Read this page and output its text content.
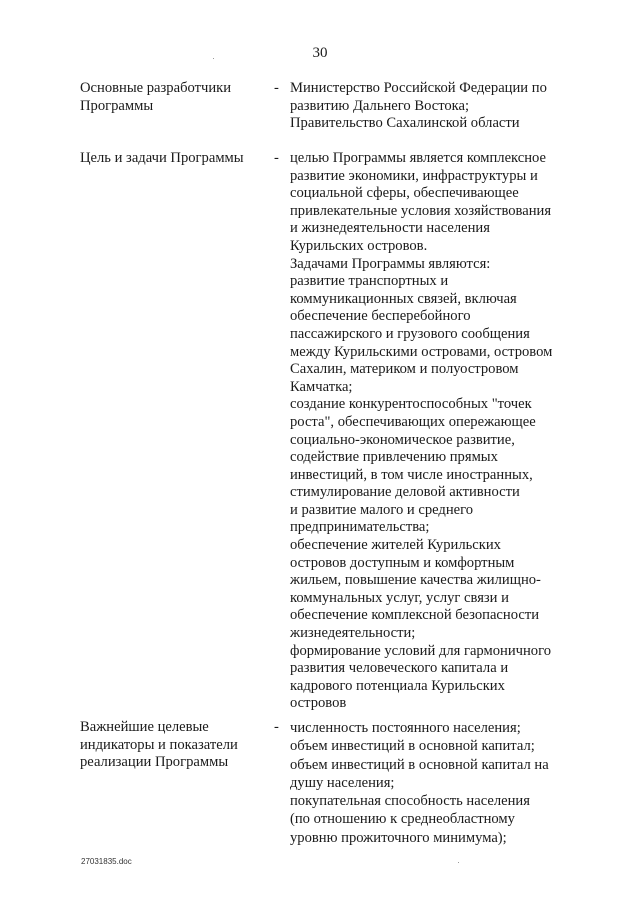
30
Основные разработчики
Программы
- Министерство Российской Федерации по
развитию Дальнего Востока;
Правительство Сахалинской области
Цель и задачи Программы	- целью Программы является комплексное
развитие экономики, инфраструктуры и
социальной сферы, обеспечивающее
привлекательные условия хозяйствования
и жизнедеятельности населения
Курильских островов.
Задачами Программы являются:
развитие транспортных и
коммуникационных связей, включая
обеспечение бесперебойного
пассажирского и грузового сообщения
между Курильскими островами, островом
Сахалин, материком и полуостровом
Камчатка;
создание конкурентоспособных "точек
роста", обеспечивающих опережающее
социально-экономическое развитие,
содействие привлечению прямых
инвестиций, в том числе иностранных,
стимулирование деловой активности
и развитие малого и среднего
предпринимательства;
обеспечение жителей Курильских
островов доступным и комфортным
жильем, повышение качества жилищно-
коммунальных услуг, услуг связи и
обеспечение комплексной безопасности
жизнедеятельности;
формирование условий для гармоничного
развития человеческого капитала и
кадрового потенциала Курильских
островов
Важнейшие целевые
индикаторы и показатели
реализации Программы
- численность постоянного населения;
объем инвестиций в основной капитал;
объем инвестиций в основной капитал на
душу населения;
покупательная способность населения
(по отношению к среднеобластному
уровню прожиточного минимума);
27031835.doc
